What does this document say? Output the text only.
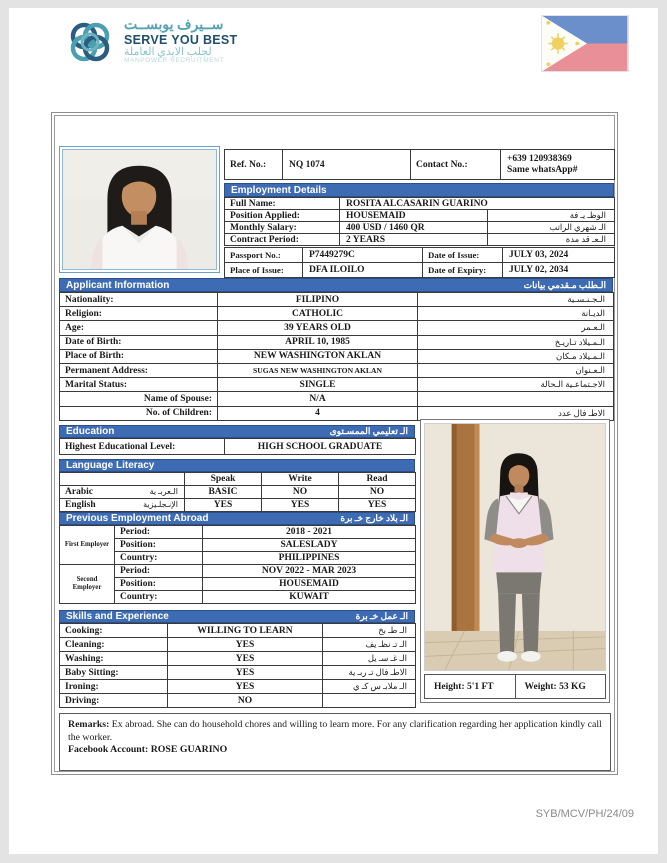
ســيرف يوبســت
SERVE YOU BEST
لجلب الايدي العاملة
MANPOWER RECRUITMENT
Ref. No.:	NQ 1074	Contact No.:	+639 120938369
Same whatsApp#
Employment Details
Full Name:	ROSITA ALCASARIN GUARINO	
Position Applied:	HOUSEMAID	الوظـ يـ فة
Monthly Salary:	400 USD / 1460 QR	الـ شهري الراتب
Contract Period:	2 YEARS	الـعـ قد مدة
Passport No.:	P7449279C	Date of Issue:	JULY 03, 2024
Place of Issue:	DFA ILOILO	Date of Expiry:	JULY 02, 2034
Applicant Information	الـطلب مـقدمي بيانات
Nationality:	FILIPINO	الـجـنـسـية
Religion:	CATHOLIC	الديـانة
Age:	39 YEARS OLD	الـعـمر
Date of Birth:	APRIL 10, 1985	الـمـيلاد تـاريـخ
Place of Birth:	NEW WASHINGTON AKLAN	الـمـيلاد مـكان
Permanent Address:	SUGAS NEW WASHINGTON AKLAN	الـعـنوان
Marital Status:	SINGLE	الاجـتماعـية الـحالة
Name of Spouse:	N/A	
No. of Children:	4	الاطـ فال عدد
Education	الـ تعليمي الممسـتوى
Highest Educational Level:	HIGH SCHOOL GRADUATE
Language Literacy
	Speak	Write	Read
Arabic الـعربـ ية	BASIC	NO	NO
English الإنـجلـيزية	YES	YES	YES
Previous Employment Abroad	الـ بلاد خارج خـ برة
First Employer	Period:	2018 - 2021
	Position:	SALESLADY
	Country:	PHILIPPINES
Second Employer	Period:	NOV 2022 - MAR 2023
	Position:	HOUSEMAID
	Country:	KUWAIT
Skills and Experience	الـ عمل خـ برة
Cooking:	WILLING TO LEARN	الـ طـ بخ
Cleaning:	YES	الـ تـ نظـ يف
Washing:	YES	الـ غـ سـ يل
Baby Sitting:	YES	الاطـ فال تـ ربـ ية
Ironing:	YES	الـ ملابـ س كـ ي
Driving:	NO	
Height: 5'1 FT	Weight: 53 KG
Remarks: Ex abroad. She can do household chores and willing to learn more. For any clarification regarding her application kindly call the worker.
Facebook Account: ROSE GUARINO
SYB/MCV/PH/24/09
